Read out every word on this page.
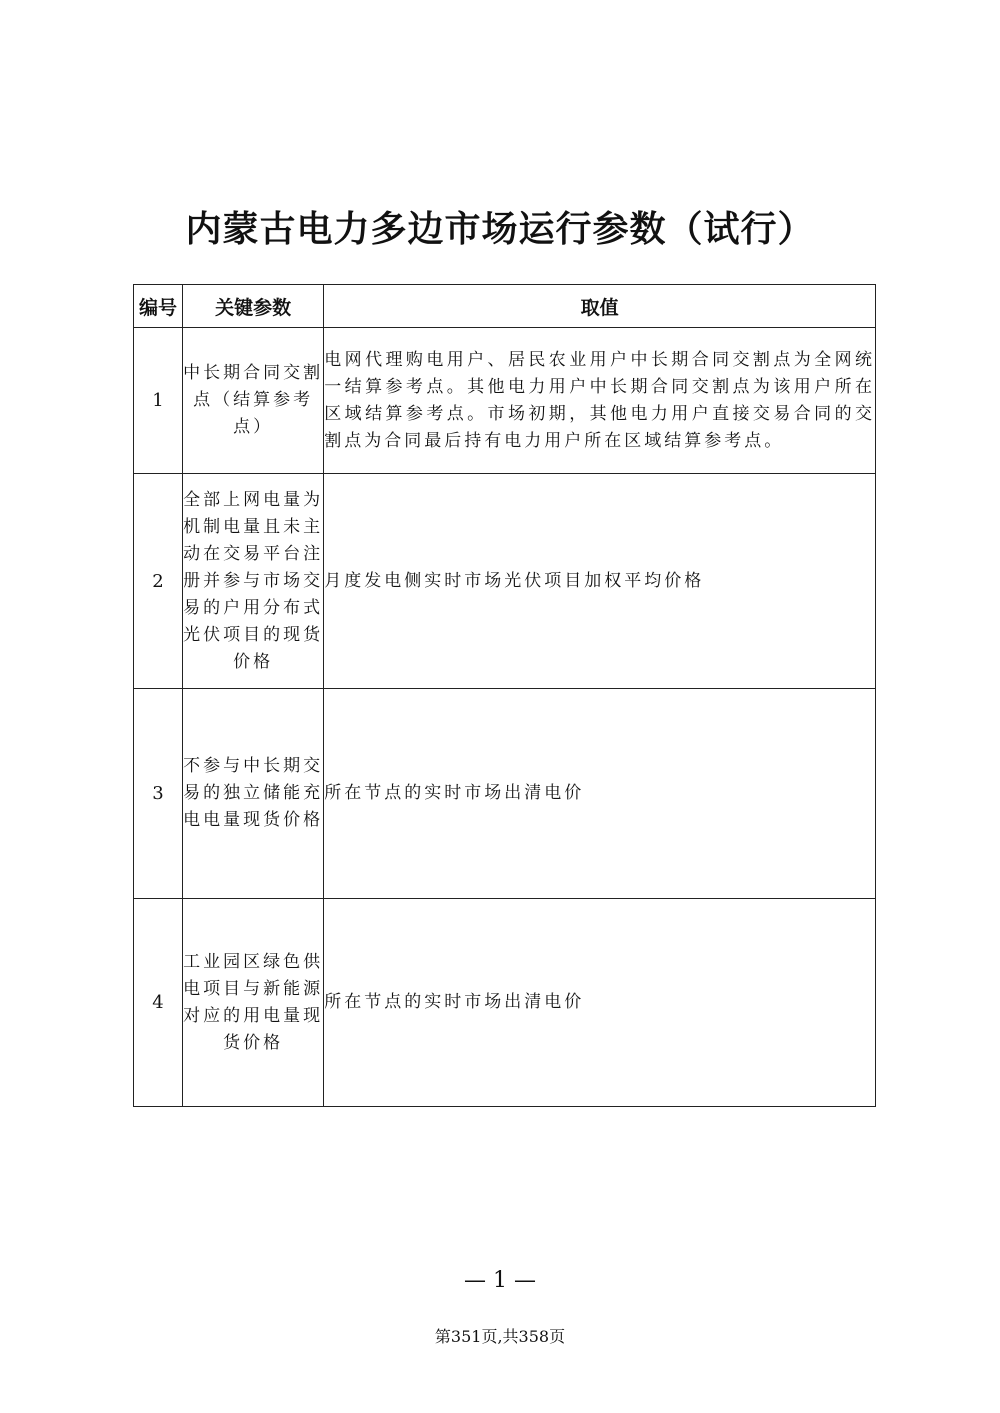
内蒙古电力多边市场运行参数（试行）
编号	关键参数	取值
1	中长期合同交割点（结算参考点）	电网代理购电用户、居民农业用户中长期合同交割点为全网统一结算参考点。其他电力用户中长期合同交割点为该用户所在区域结算参考点。市场初期，其他电力用户直接交易合同的交割点为合同最后持有电力用户所在区域结算参考点。
2	全部上网电量为机制电量且未主动在交易平台注册并参与市场交易的户用分布式光伏项目的现货价格	月度发电侧实时市场光伏项目加权平均价格
3	不参与中长期交易的独立储能充电电量现货价格	所在节点的实时市场出清电价
4	工业园区绿色供电项目与新能源对应的用电量现货价格	所在节点的实时市场出清电价
— 1 —
第351页,共358页
